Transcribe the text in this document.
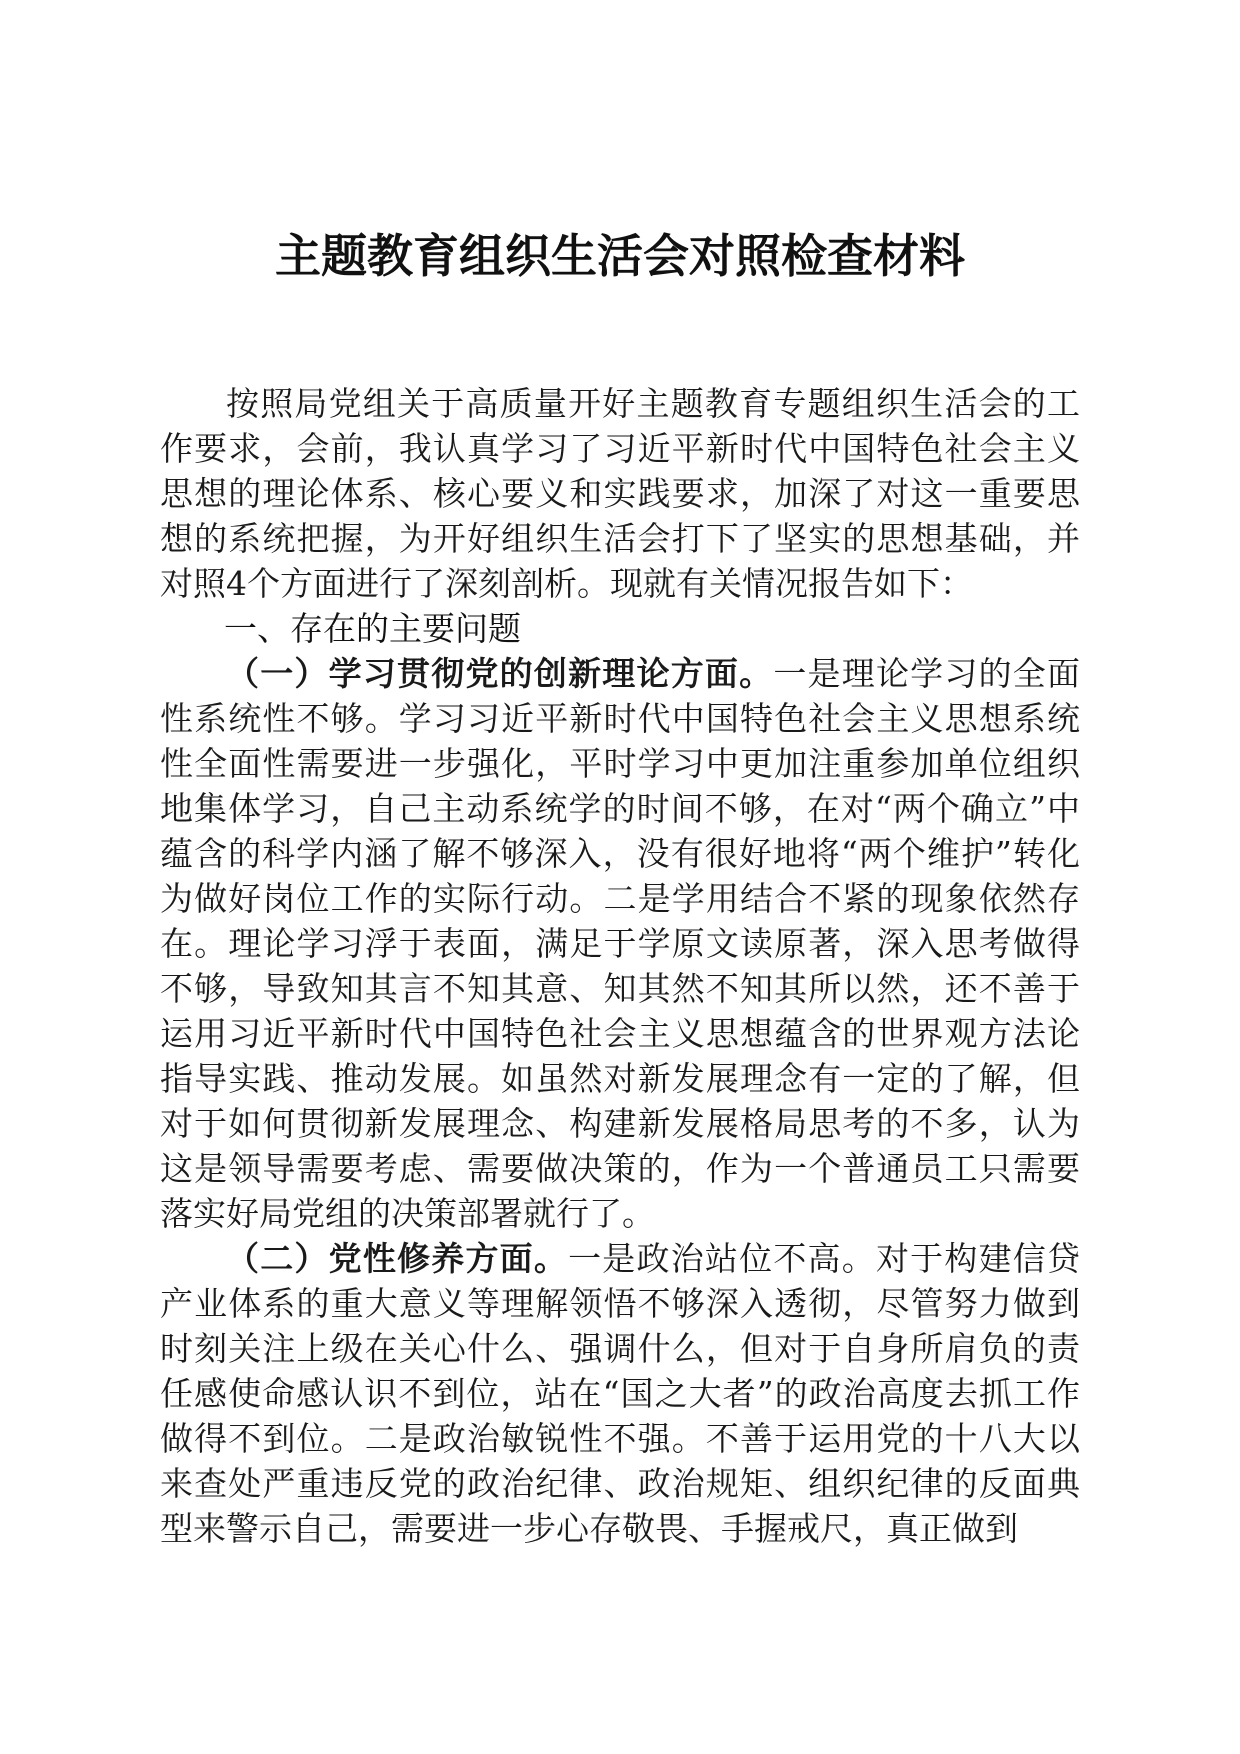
主题教育组织生活会对照检查材料

按照局党组关于高质量开好主题教育专题组织生活会的工作要求，会前，我认真学习了习近平新时代中国特色社会主义思想的理论体系、核心要义和实践要求，加深了对这一重要思想的系统把握，为开好组织生活会打下了坚实的思想基础，并对照4个方面进行了深刻剖析。现就有关情况报告如下：

一、存在的主要问题

（一）学习贯彻党的创新理论方面。一是理论学习的全面性系统性不够。学习习近平新时代中国特色社会主义思想系统性全面性需要进一步强化，平时学习中更加注重参加单位组织地集体学习，自己主动系统学的时间不够，在对“两个确立”中蕴含的科学内涵了解不够深入，没有很好地将“两个维护”转化为做好岗位工作的实际行动。二是学用结合不紧的现象依然存在。理论学习浮于表面，满足于学原文读原著，深入思考做得不够，导致知其言不知其意、知其然不知其所以然，还不善于运用习近平新时代中国特色社会主义思想蕴含的世界观方法论指导实践、推动发展。如虽然对新发展理念有一定的了解，但对于如何贯彻新发展理念、构建新发展格局思考的不多，认为这是领导需要考虑、需要做决策的，作为一个普通员工只需要落实好局党组的决策部署就行了。

（二）党性修养方面。一是政治站位不高。对于构建信贷产业体系的重大意义等理解领悟不够深入透彻，尽管努力做到时刻关注上级在关心什么、强调什么，但对于自身所肩负的责任感使命感认识不到位，站在“国之大者”的政治高度去抓工作做得不到位。二是政治敏锐性不强。不善于运用党的十八大以来查处严重违反党的政治纪律、政治规矩、组织纪律的反面典型来警示自己，需要进一步心存敬畏、手握戒尺，真正做到
